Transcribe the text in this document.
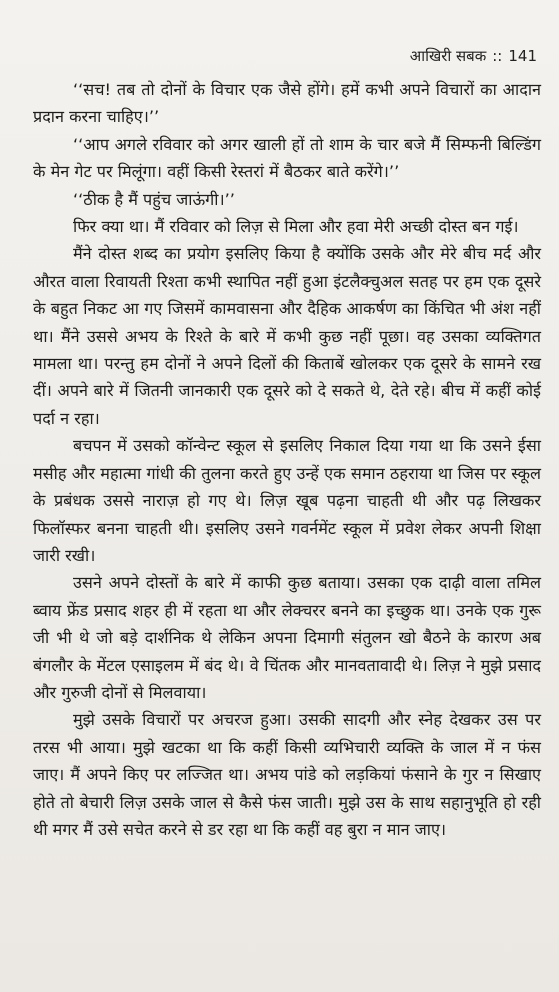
आखिरी सबक :: 141

‘‘सच! तब तो दोनों के विचार एक जैसे होंगे। हमें कभी अपने विचारों का आदान प्रदान करना चाहिए।’’

‘‘आप अगले रविवार को अगर खाली हों तो शाम के चार बजे मैं सिम्फनी बिल्डिंग के मेन गेट पर मिलूंगा। वहीं किसी रेस्तरां में बैठकर बाते करेंगे।’’

‘‘ठीक है मैं पहुंच जाऊंगी।’’

फिर क्या था। मैं रविवार को लिज़ से मिला और हवा मेरी अच्छी दोस्त बन गई।

मैंने दोस्त शब्द का प्रयोग इसलिए किया है क्योंकि उसके और मेरे बीच मर्द और औरत वाला रिवायती रिश्ता कभी स्थापित नहीं हुआ इंटलैक्चुअल सतह पर हम एक दूसरे के बहुत निकट आ गए जिसमें कामवासना और दैहिक आकर्षण का किंचित भी अंश नहीं था। मैंने उससे अभय के रिश्ते के बारे में कभी कुछ नहीं पूछा। वह उसका व्यक्तिगत मामला था। परन्तु हम दोनों ने अपने दिलों की किताबें खोलकर एक दूसरे के सामने रख दीं। अपने बारे में जितनी जानकारी एक दूसरे को दे सकते थे, देते रहे। बीच में कहीं कोई पर्दा न रहा।

बचपन में उसको कॉन्वेन्ट स्कूल से इसलिए निकाल दिया गया था कि उसने ईसा मसीह और महात्मा गांधी की तुलना करते हुए उन्हें एक समान ठहराया था जिस पर स्कूल के प्रबंधक उससे नाराज़ हो गए थे। लिज़ खूब पढ़ना चाहती थी और पढ़ लिखकर फिलॉस्फर बनना चाहती थी। इसलिए उसने गवर्नमेंट स्कूल में प्रवेश लेकर अपनी शिक्षा जारी रखी।

उसने अपने दोस्तों के बारे में काफी कुछ बताया। उसका एक दाढ़ी वाला तमिल ब्वाय फ्रेंड प्रसाद शहर ही में रहता था और लेक्चरर बनने का इच्छुक था। उनके एक गुरू जी भी थे जो बड़े दार्शनिक थे लेकिन अपना दिमागी संतुलन खो बैठने के कारण अब बंगलौर के मेंटल एसाइलम में बंद थे। वे चिंतक और मानवतावादी थे। लिज़ ने मुझे प्रसाद और गुरुजी दोनों से मिलवाया।

मुझे उसके विचारों पर अचरज हुआ। उसकी सादगी और स्नेह देखकर उस पर तरस भी आया। मुझे खटका था कि कहीं किसी व्यभिचारी व्यक्ति के जाल में न फंस जाए। मैं अपने किए पर लज्जित था। अभय पांडे को लड़कियां फंसाने के गुर न सिखाए होते तो बेचारी लिज़ उसके जाल से कैसे फंस जाती। मुझे उस के साथ सहानुभूति हो रही थी मगर मैं उसे सचेत करने से डर रहा था कि कहीं वह बुरा न मान जाए।
